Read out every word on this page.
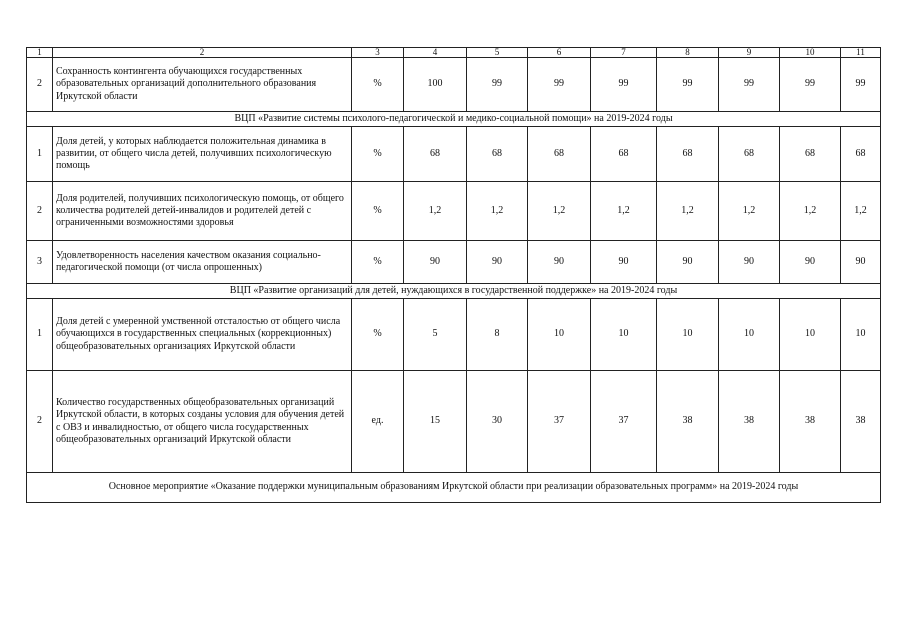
1	2	3	4	5	6	7	8	9	10	11
2	Сохранность контингента обучающихся государственных образовательных организаций дополнительного образования Иркутской области	%	100	99	99	99	99	99	99	99
ВЦП «Развитие системы психолого-педагогической и медико-социальной помощи» на 2019-2024 годы										
1	Доля детей, у которых наблюдается положительная динамика в развитии, от общего числа детей, получивших психологическую помощь	%	68	68	68	68	68	68	68	68
2	Доля родителей, получивших психологическую помощь, от общего количества родителей детей-инвалидов и родителей детей с ограниченными возможностями здоровья	%	1,2	1,2	1,2	1,2	1,2	1,2	1,2	1,2
3	Удовлетворенность населения качеством оказания социально-педагогической помощи (от числа опрошенных)	%	90	90	90	90	90	90	90	90
ВЦП «Развитие организаций для детей, нуждающихся в государственной поддержке» на 2019-2024 годы										
1	Доля детей с умеренной умственной отсталостью от общего числа обучающихся в государственных специальных (коррекционных) общеобразовательных организациях Иркутской области	%	5	8	10	10	10	10	10	10
2	Количество государственных общеобразовательных организаций Иркутской области, в которых созданы условия для обучения детей с ОВЗ и инвалидностью, от общего числа государственных общеобразовательных организаций Иркутской области	ед.	15	30	37	37	38	38	38	38
Основное мероприятие «Оказание поддержки муниципальным образованиям Иркутской области при реализации образовательных программ» на 2019-2024 годы										
